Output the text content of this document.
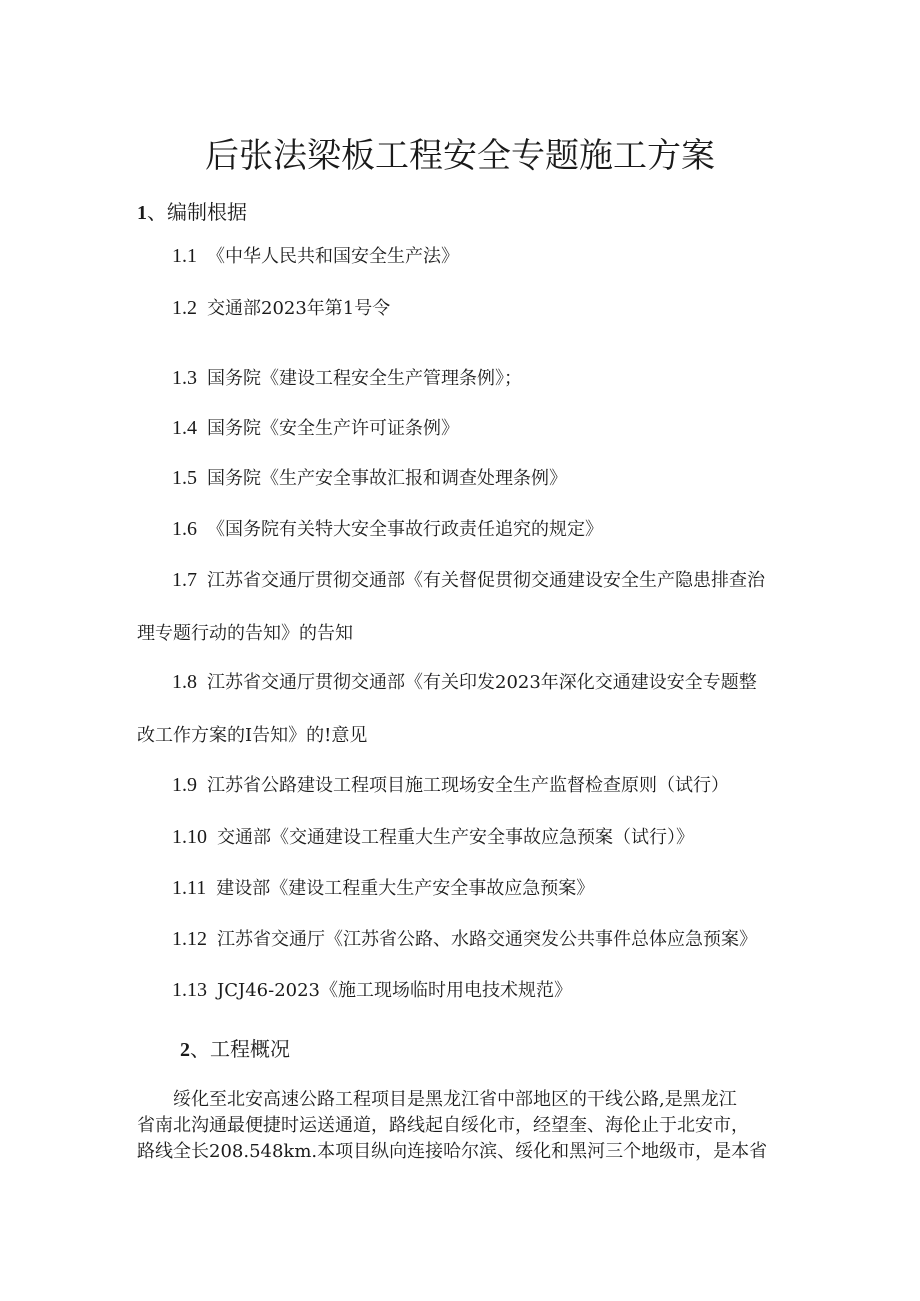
后张法梁板工程安全专题施工方案
1、编制根据
1.1 《中华人民共和国安全生产法》
1.2 交通部2023年第1号令
1.3 国务院《建设工程安全生产管理条例》；
1.4 国务院《安全生产许可证条例》
1.5 国务院《生产安全事故汇报和调查处理条例》
1.6 《国务院有关特大安全事故行政责任追究的规定》
1.7 江苏省交通厅贯彻交通部《有关督促贯彻交通建设安全生产隐患排查治
理专题行动的告知》的告知
1.8 江苏省交通厅贯彻交通部《有关印发2023年深化交通建设安全专题整
改工作方案的I告知》的!意见
1.9 江苏省公路建设工程项目施工现场安全生产监督检查原则（试行）
1.10 交通部《交通建设工程重大生产安全事故应急预案（试行）》
1.11 建设部《建设工程重大生产安全事故应急预案》
1.12 江苏省交通厅《江苏省公路、水路交通突发公共事件总体应急预案》
1.13 JCJ46-2023《施工现场临时用电技术规范》
2、工程概况
绥化至北安高速公路工程项目是黑龙江省中部地区的干线公路,是黑龙江
省南北沟通最便捷时运送通道，路线起自绥化市，经望奎、海伦止于北安市，
路线全长208.548km.本项目纵向连接哈尔滨、绥化和黑河三个地级市，是本省
